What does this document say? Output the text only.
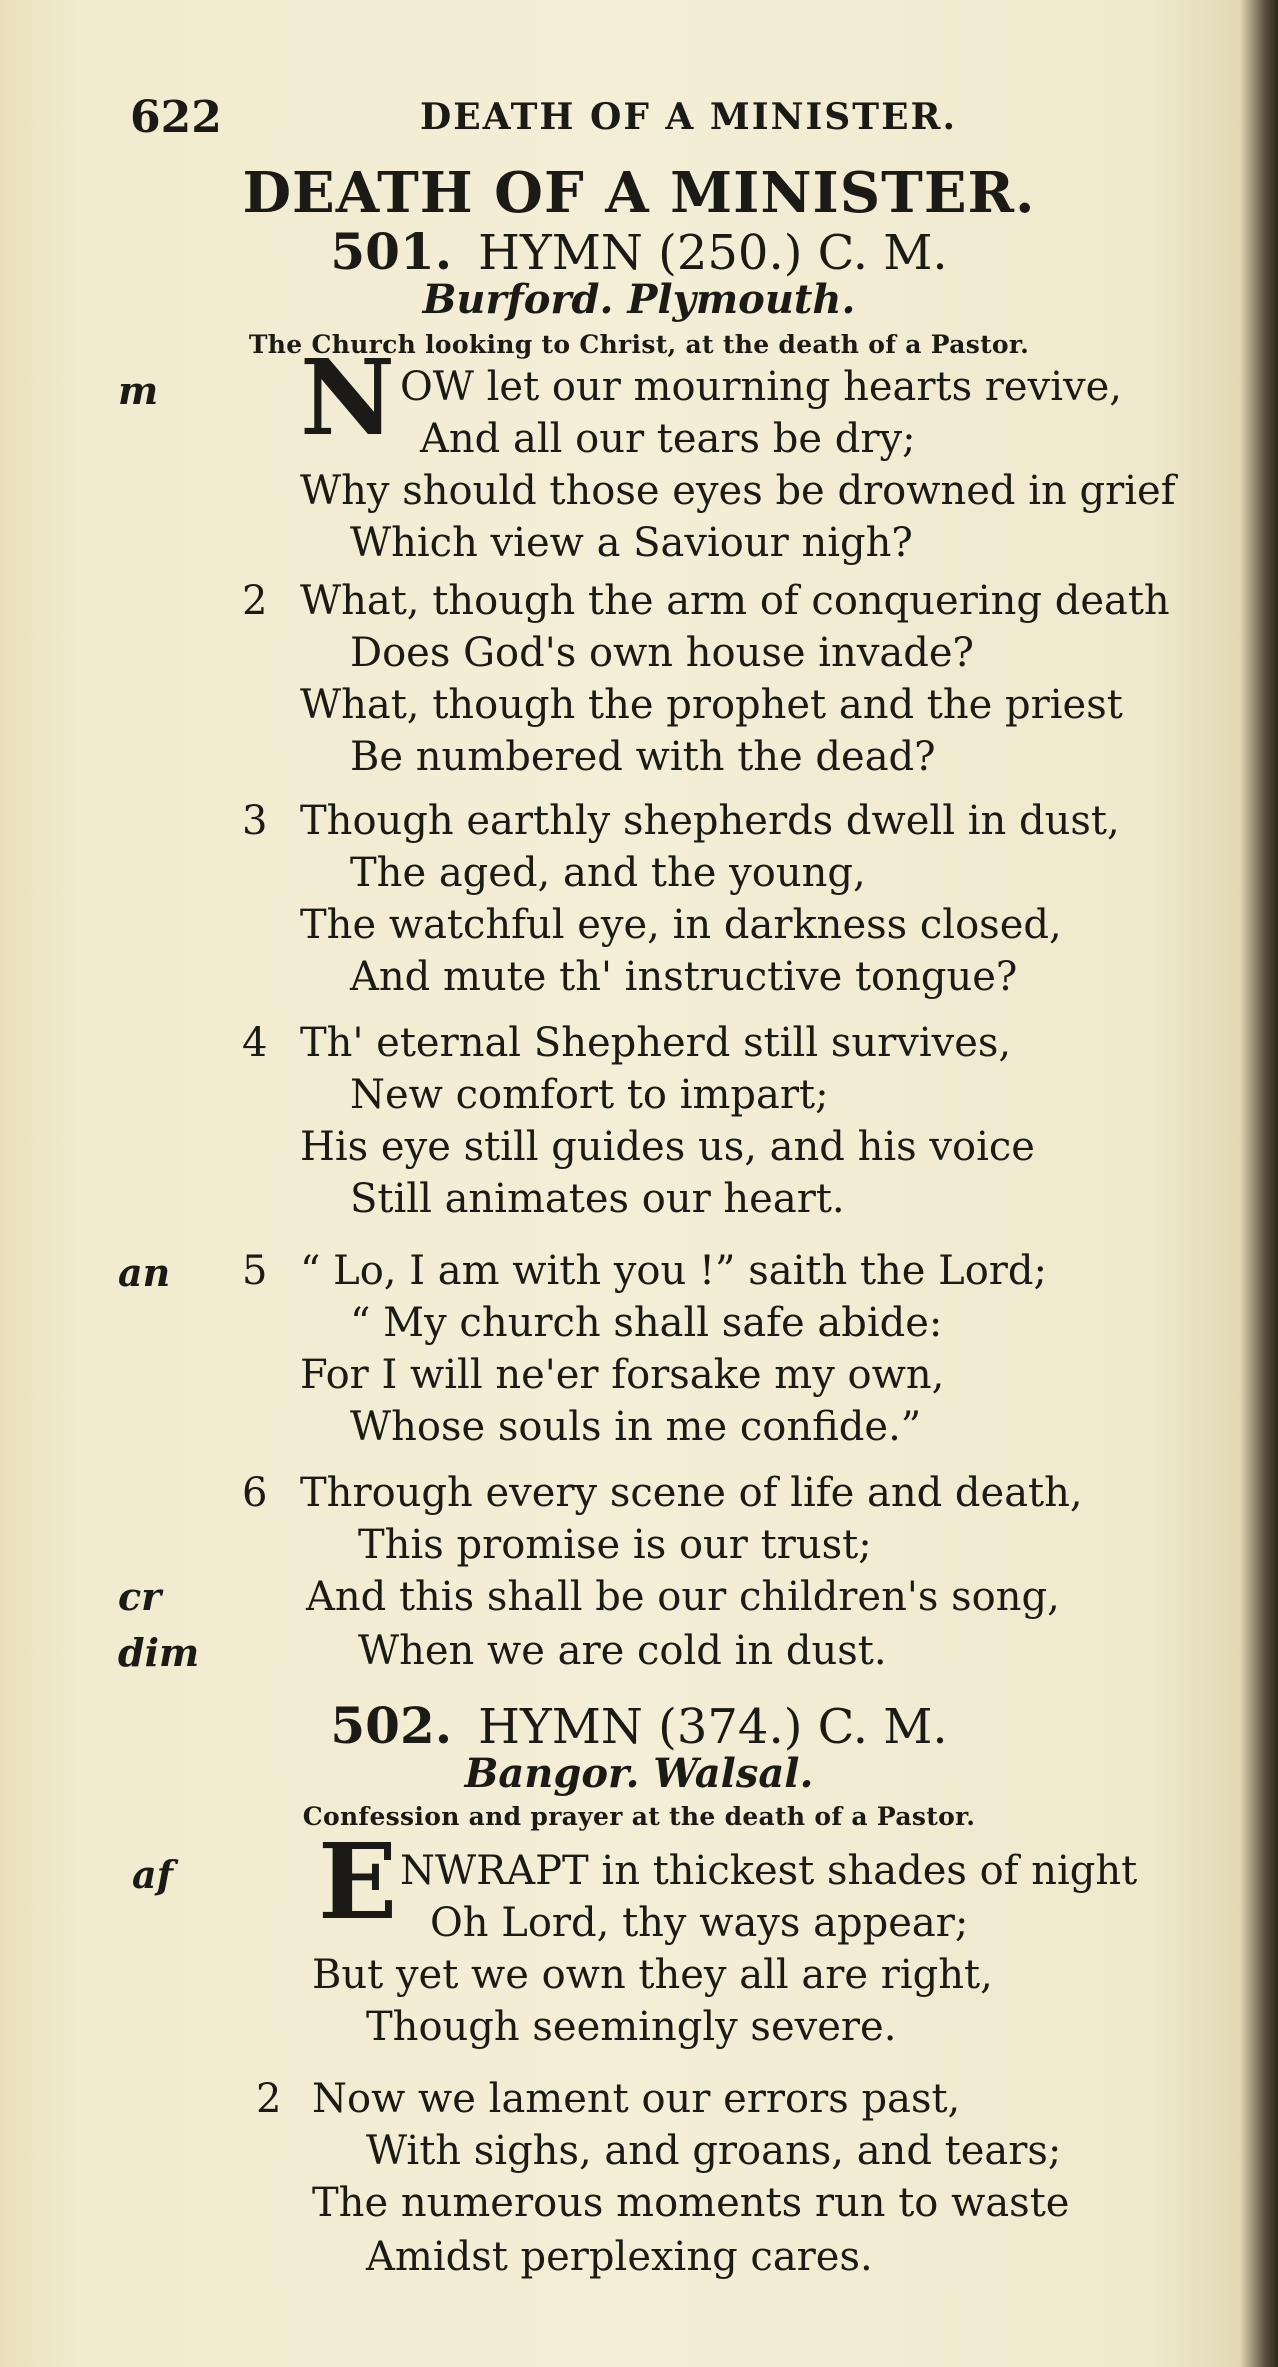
622	DEATH OF A MINISTER.
DEATH OF A MINISTER.
501. HYMN (250.) C. M.
Burford. Plymouth.
The Church looking to Christ, at the death of a Pastor.
m N OW let our mourning hearts revive,
And all our tears be dry;
Why should those eyes be drowned in grief
Which view a Saviour nigh?
2 What, though the arm of conquering death
Does God's own house invade?
What, though the prophet and the priest
Be numbered with the dead?
3 Though earthly shepherds dwell in dust,
The aged, and the young,
The watchful eye, in darkness closed,
And mute th' instructive tongue?
4 Th' eternal Shepherd still survives,
New comfort to impart;
His eye still guides us, and his voice
Still animates our heart.
an 5 “ Lo, I am with you !” saith the Lord;
“ My church shall safe abide:
For I will ne'er forsake my own,
Whose souls in me confide.”
6 Through every scene of life and death,
This promise is our trust;
cr	And this shall be our children's song,
dim	When we are cold in dust.
502. HYMN (374.) C. M.
Bangor. Walsal.
Confession and prayer at the death of a Pastor.
af E NWRAPT in thickest shades of night
Oh Lord, thy ways appear;
But yet we own they all are right,
Though seemingly severe.
2 Now we lament our errors past,
With sighs, and groans, and tears;
The numerous moments run to waste
Amidst perplexing cares.
